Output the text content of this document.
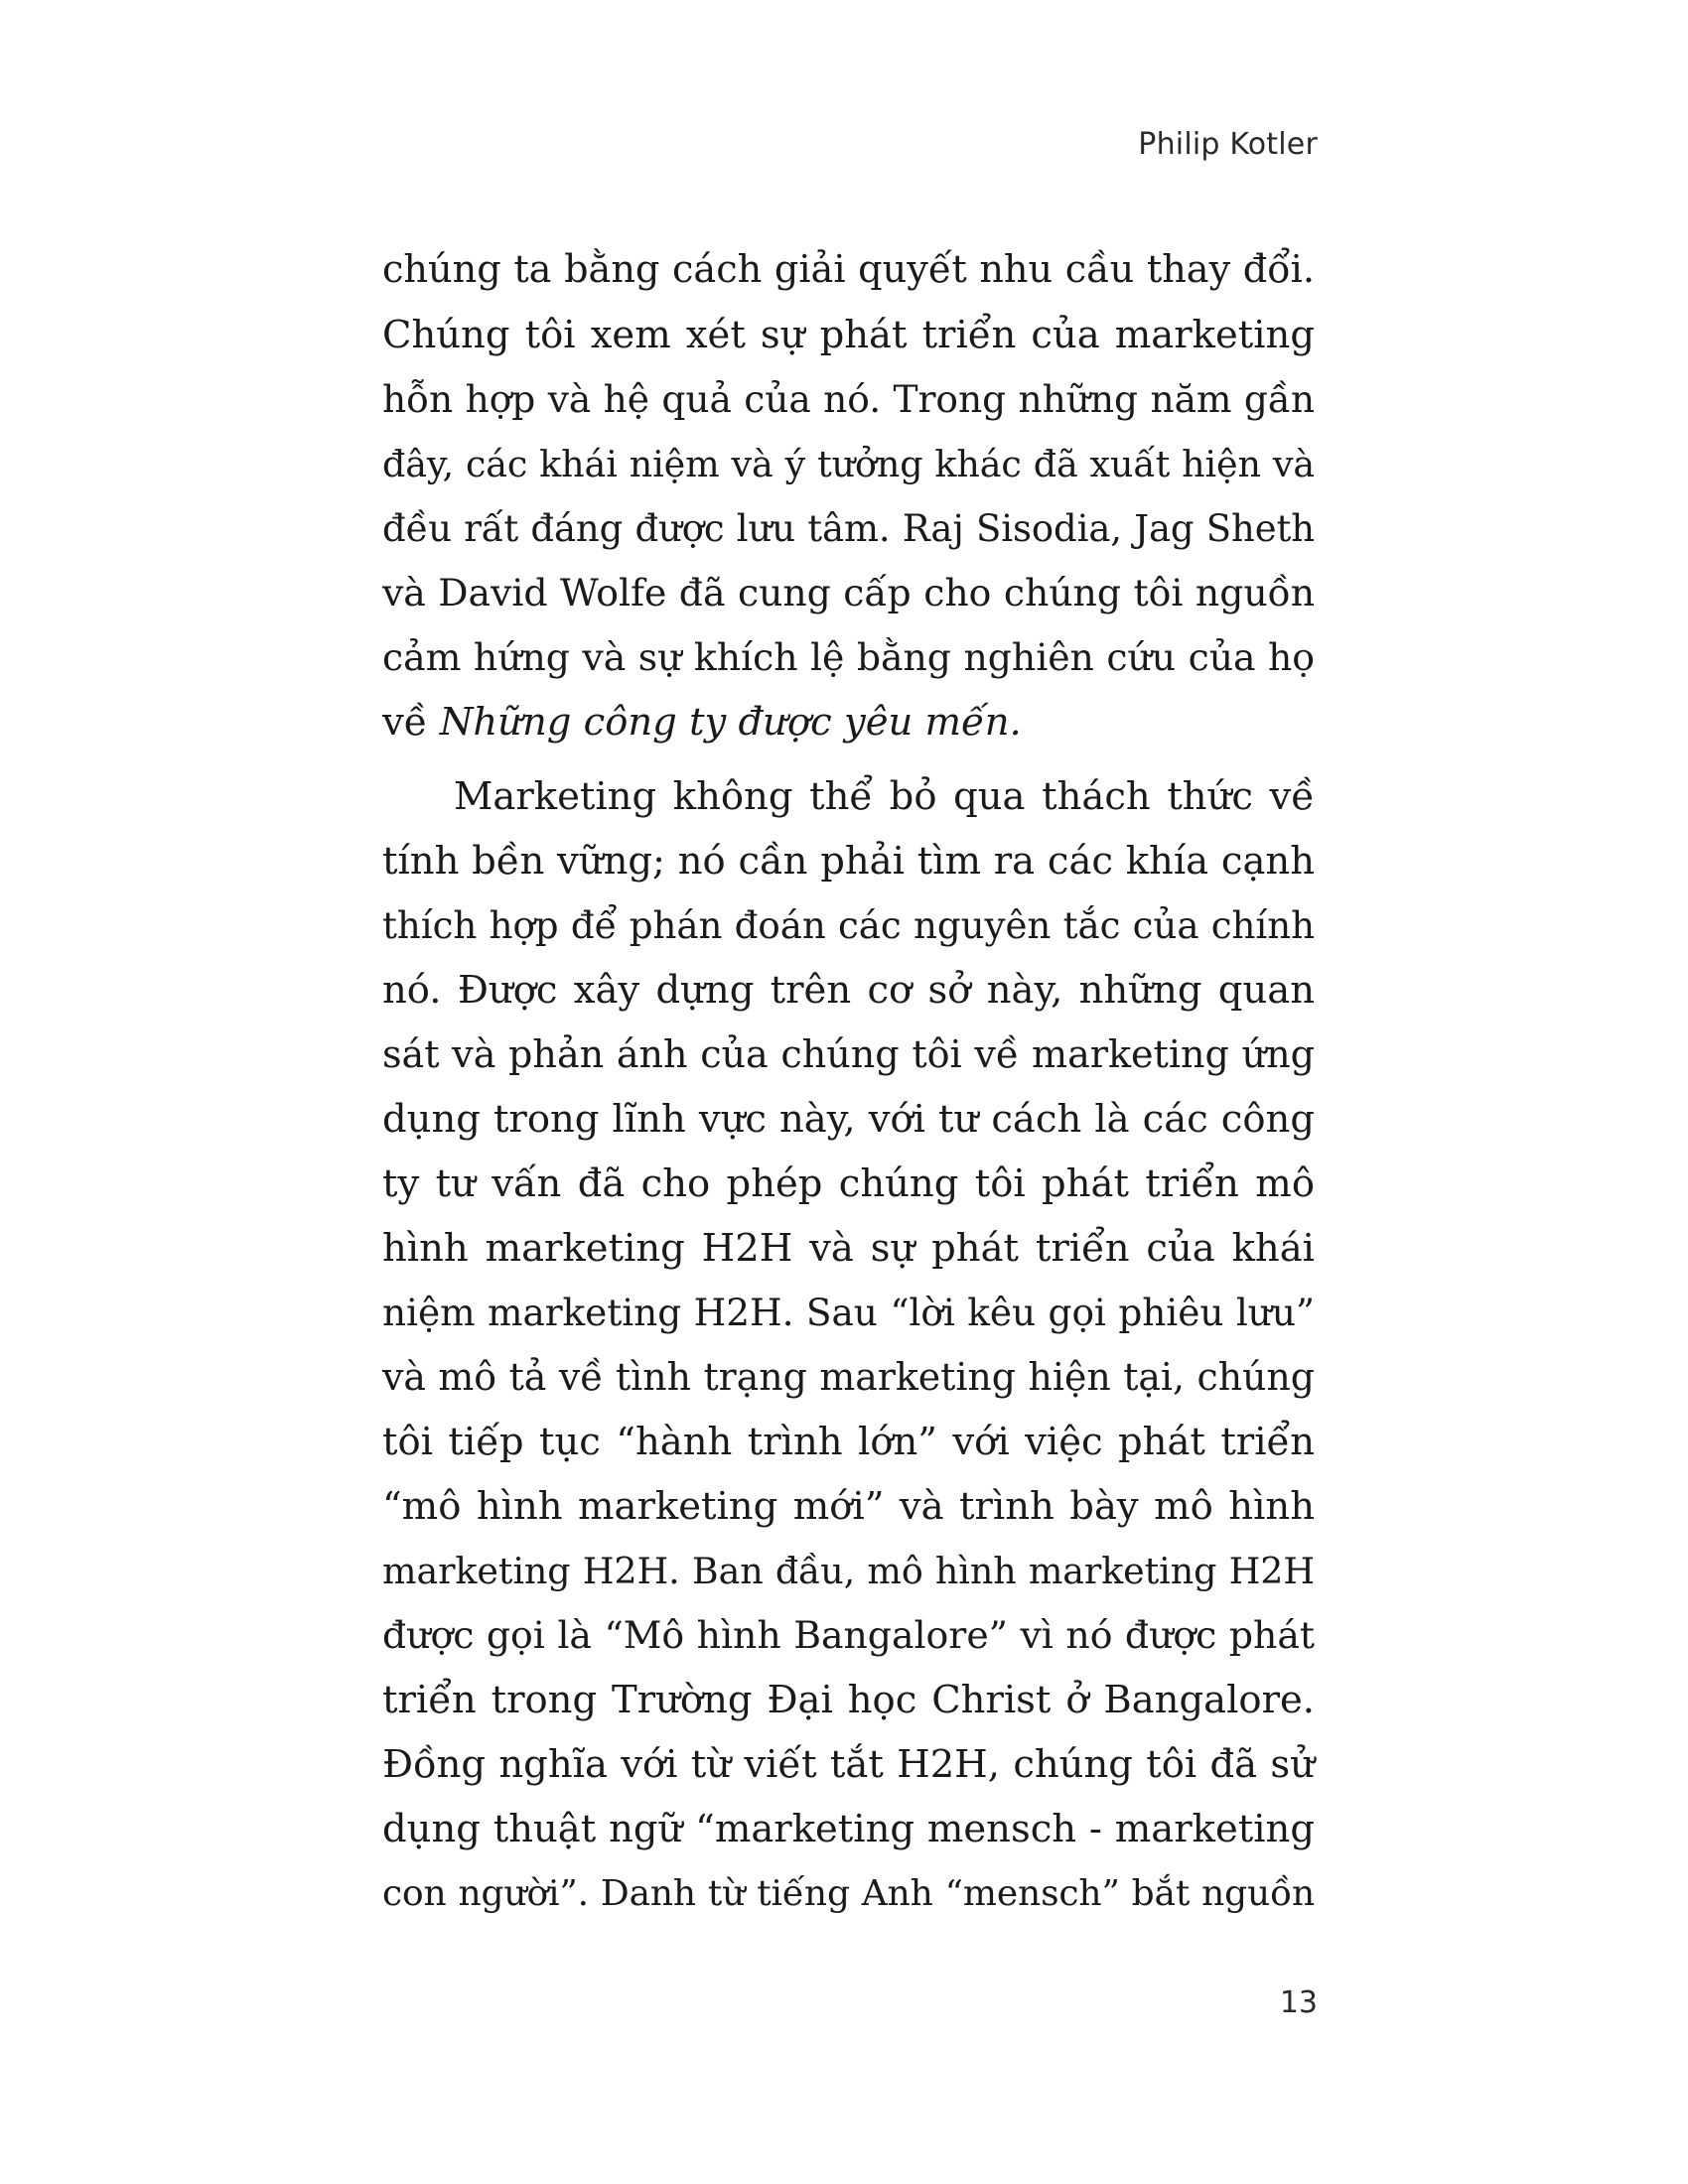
Philip Kotler
chúng ta bằng cách giải quyết nhu cầu thay đổi.
Chúng tôi xem xét sự phát triển của marketing
hỗn hợp và hệ quả của nó. Trong những năm gần
đây, các khái niệm và ý tưởng khác đã xuất hiện và
đều rất đáng được lưu tâm. Raj Sisodia, Jag Sheth
và David Wolfe đã cung cấp cho chúng tôi nguồn
cảm hứng và sự khích lệ bằng nghiên cứu của họ
về Những công ty được yêu mến.
Marketing không thể bỏ qua thách thức về
tính bền vững; nó cần phải tìm ra các khía cạnh
thích hợp để phán đoán các nguyên tắc của chính
nó. Được xây dựng trên cơ sở này, những quan
sát và phản ánh của chúng tôi về marketing ứng
dụng trong lĩnh vực này, với tư cách là các công
ty tư vấn đã cho phép chúng tôi phát triển mô
hình marketing H2H và sự phát triển của khái
niệm marketing H2H. Sau “lời kêu gọi phiêu lưu”
và mô tả về tình trạng marketing hiện tại, chúng
tôi tiếp tục “hành trình lớn” với việc phát triển
“mô hình marketing mới” và trình bày mô hình
marketing H2H. Ban đầu, mô hình marketing H2H
được gọi là “Mô hình Bangalore” vì nó được phát
triển trong Trường Đại học Christ ở Bangalore.
Đồng nghĩa với từ viết tắt H2H, chúng tôi đã sử
dụng thuật ngữ “marketing mensch - marketing
con người”. Danh từ tiếng Anh “mensch” bắt nguồn
13
